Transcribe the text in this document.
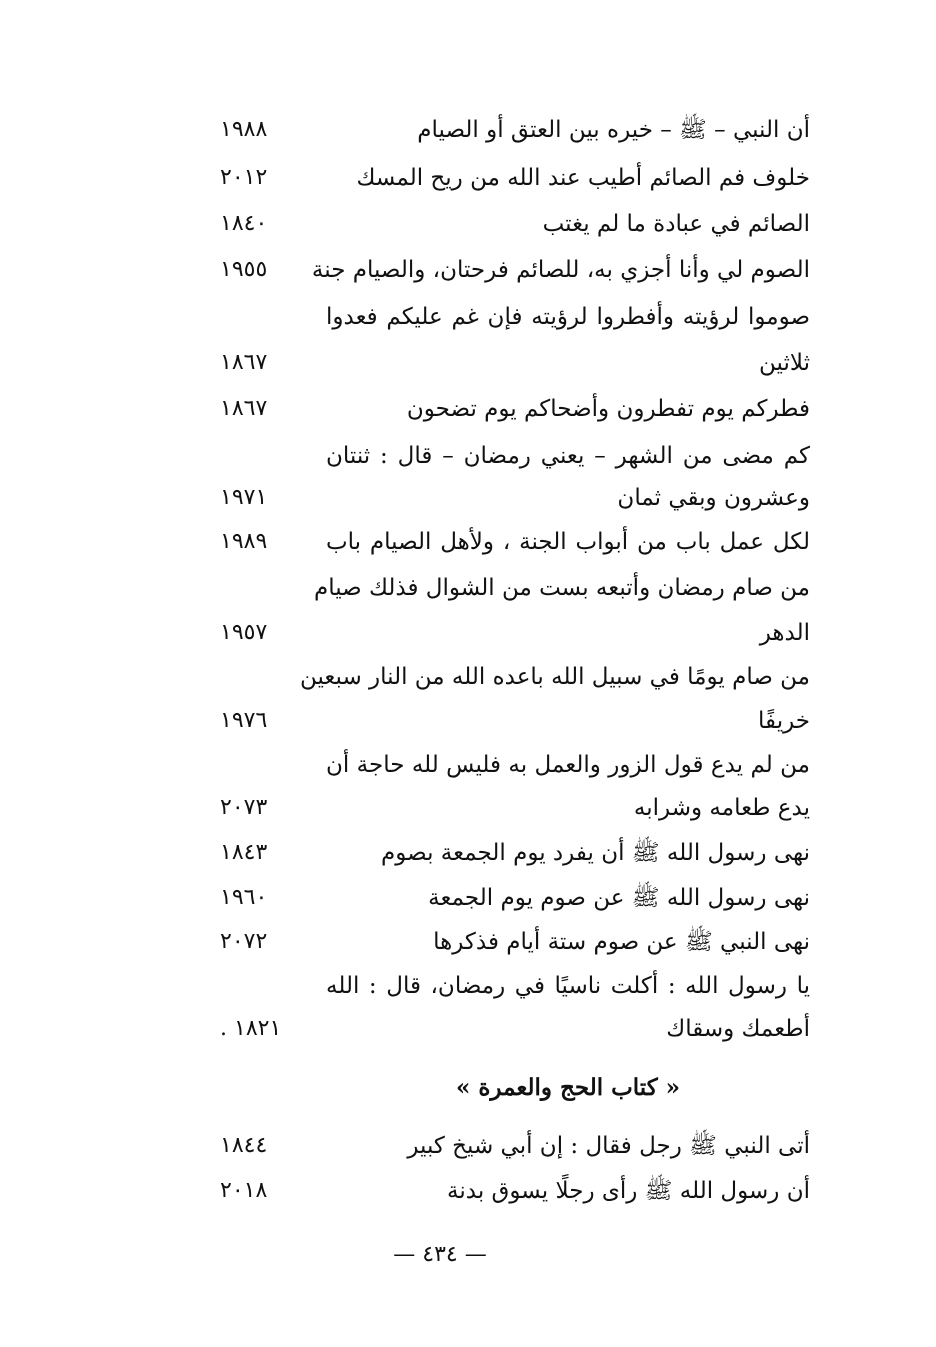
أن النبي – ﷺ – خيره بين العتق أو الصيام
١٩٨٨
خلوف فم الصائم أطيب عند الله من ريح المسك
٢٠١٢
الصائم في عبادة ما لم يغتب
١٨٤٠
الصوم لي وأنا أجزي به، للصائم فرحتان، والصيام جنة
١٩٥٥
صوموا لرؤيته وأفطروا لرؤيته فإن غم عليكم فعدوا
ثلاثين
١٨٦٧
فطركم يوم تفطرون وأضحاكم يوم تضحون
١٨٦٧
كم مضى من الشهر – يعني رمضان – قال : ثنتان
وعشرون وبقي ثمان
١٩٧١
لكل عمل باب من أبواب الجنة ، ولأهل الصيام باب
١٩٨٩
من صام رمضان وأتبعه بست من الشوال فذلك صيام
الدهر
١٩٥٧
من صام يومًا في سبيل الله باعده الله من النار سبعين
خريفًا
١٩٧٦
من لم يدع قول الزور والعمل به فليس لله حاجة أن
يدع طعامه وشرابه
٢٠٧٣
نهى رسول الله ﷺ أن يفرد يوم الجمعة بصوم
١٨٤٣
نهى رسول الله ﷺ عن صوم يوم الجمعة
١٩٦٠
نهى النبي ﷺ عن صوم ستة أيام فذكرها
٢٠٧٢
يا رسول الله : أكلت ناسيًا في رمضان، قال : الله
أطعمك وسقاك
١٨٢١ .
« كتاب الحج والعمرة »
أتى النبي ﷺ رجل فقال : إن أبي شيخ كبير
١٨٤٤
أن رسول الله ﷺ رأى رجلًا يسوق بدنة
٢٠١٨
— ٤٣٤ —
